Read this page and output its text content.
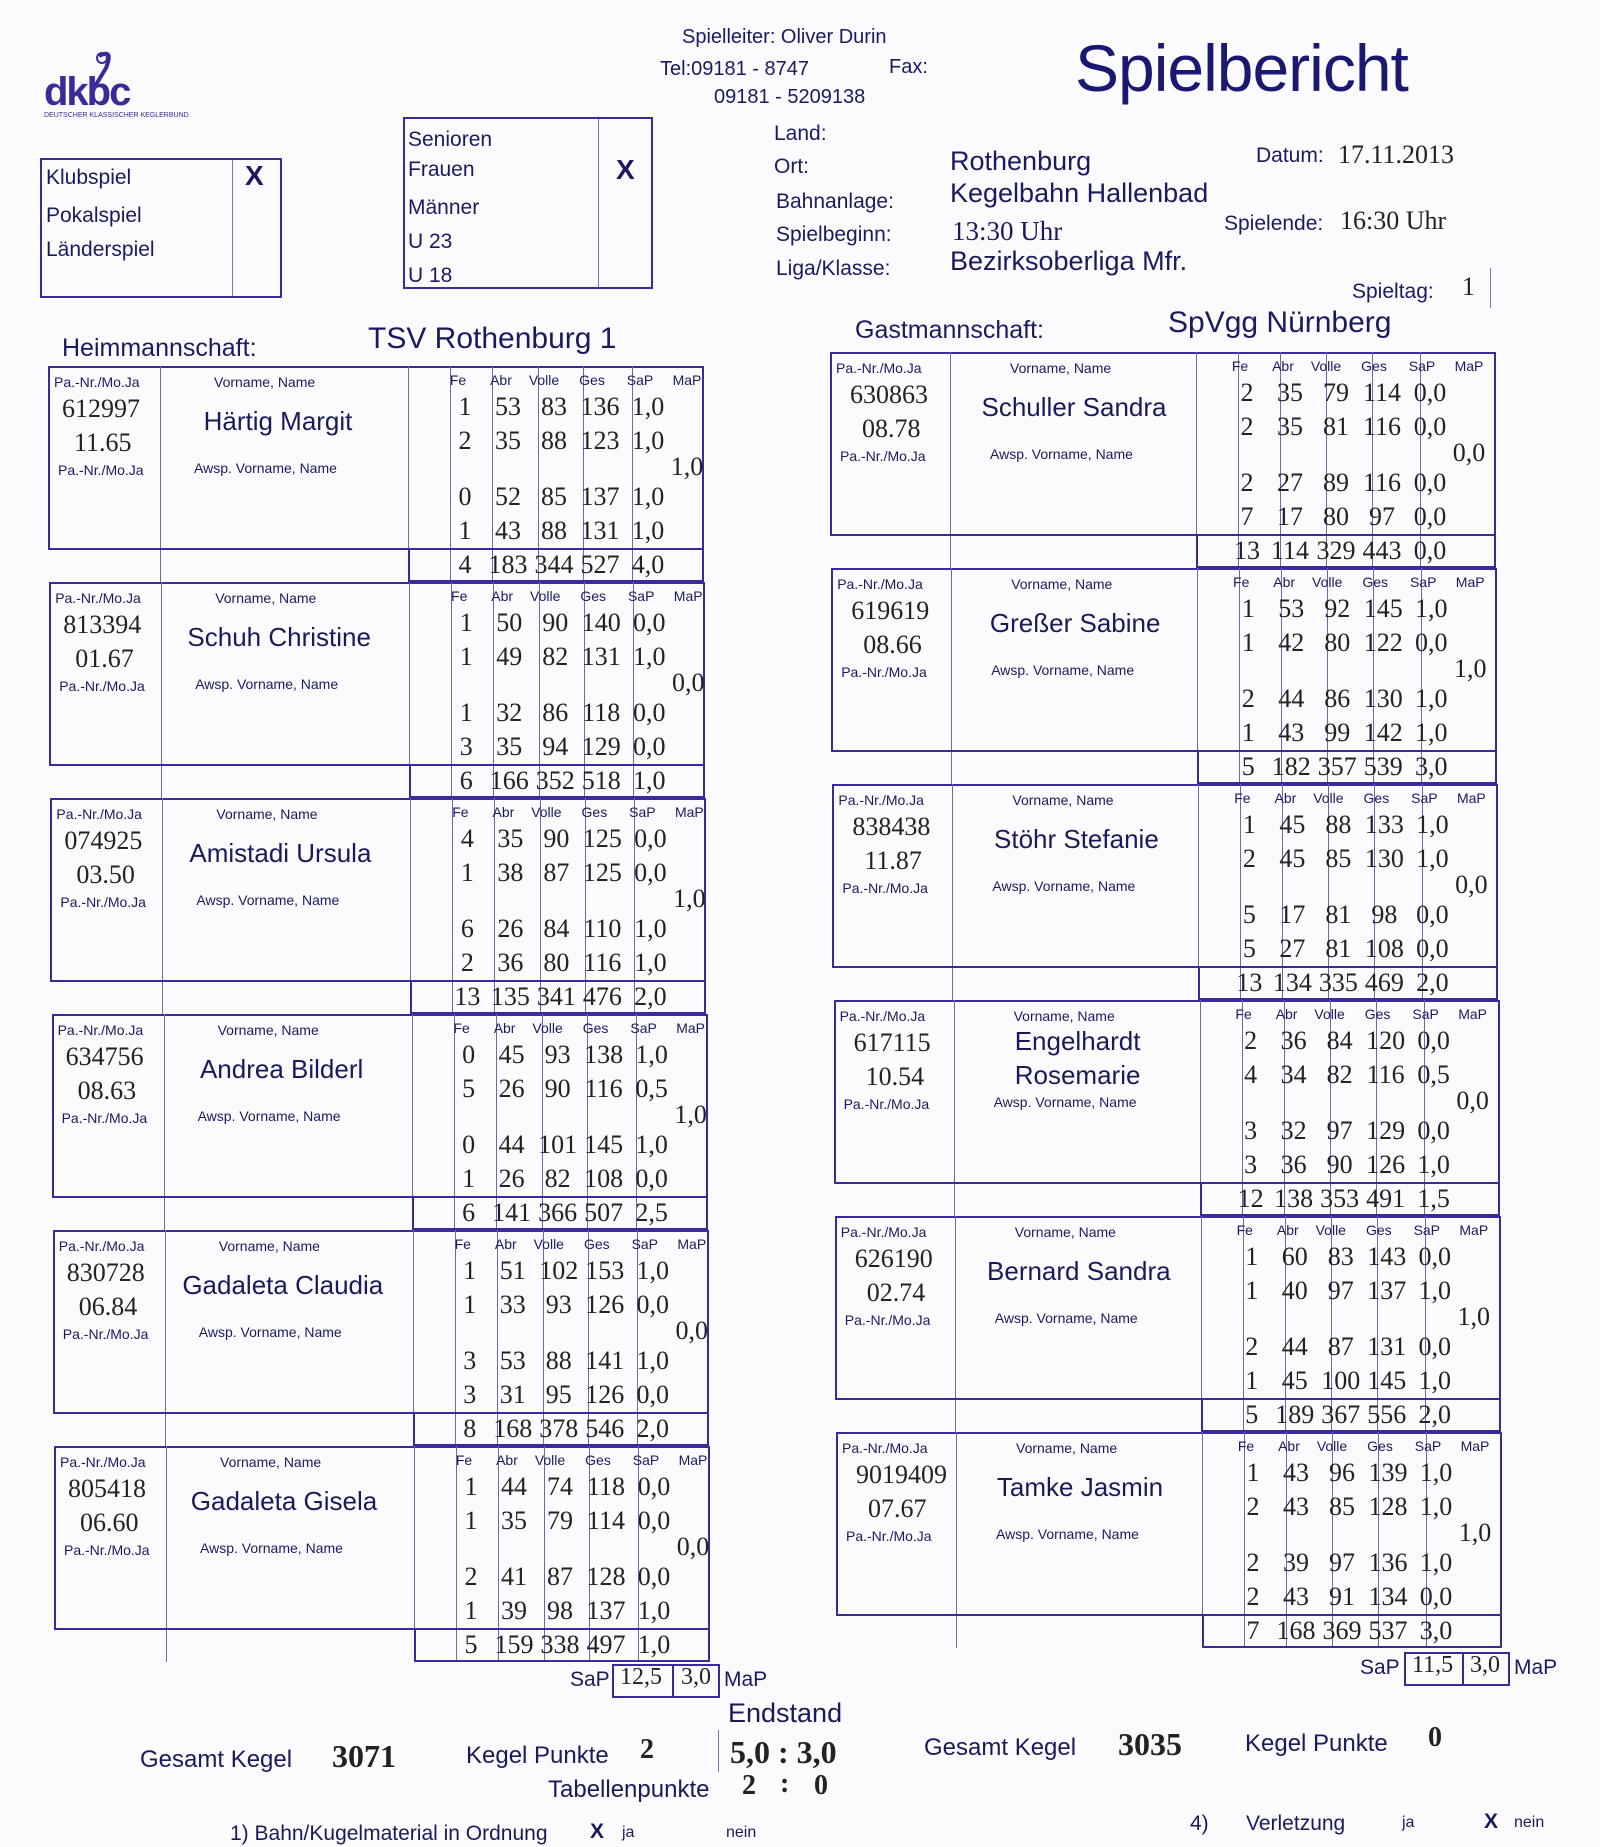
dkbc
DEUTSCHER KLASSISCHER KEGLERBUND
Spielleiter: Oliver Durin
Tel:09181 - 8747	Fax:
09181 - 5209138	Spielbericht
Klubspiel
Pokalspiel
Länderspiel
X
Senioren
Frauen
Männer
U 23
U 18
X
Land:
Ort:	Rothenburg
Bahnanlage: Kegelbahn Hallenbad
Spielbeginn: 13:30 Uhr
Liga/Klasse: Bezirksoberliga Mfr.
Datum: 17.11.2013
Spielende: 16:30 Uhr
Spieltag: 1
Heimmannschaft:	TSV Rothenburg 1	Gastmannschaft:	SpVgg Nürnberg
Pa.-Nr./Mo.Ja
612997
11.65
Pa.-Nr./Mo.Ja
Vorname, Name
Härtig Margit
Awsp. Vorname, Name
Fe	Abr	Volle	Ges	SaP	MaP
1 53 83 136 1,0
2 35 88 123 1,0
0 52 85 137 1,0
1 43 88 131 1,0
1,0
4 183 344 527 4,0
Pa.-Nr./Mo.Ja
813394
01.67
Pa.-Nr./Mo.Ja
Vorname, Name
Schuh Christine
Awsp. Vorname, Name
Fe	Abr	Volle	Ges	SaP	MaP
1 50 90 140 0,0
1 49 82 131 1,0
1 32 86 118 0,0
3 35 94 129 0,0
0,0
6 166 352 518 1,0
Pa.-Nr./Mo.Ja
074925
03.50
Pa.-Nr./Mo.Ja
Vorname, Name
Amistadi Ursula
Awsp. Vorname, Name
Fe	Abr	Volle	Ges	SaP	MaP
4 35 90 125 0,0
1 38 87 125 0,0
6 26 84 110 1,0
2 36 80 116 1,0
1,0
13 135 341 476 2,0
Pa.-Nr./Mo.Ja
634756
08.63
Pa.-Nr./Mo.Ja
Vorname, Name
Andrea Bilderl
Awsp. Vorname, Name
Fe	Abr	Volle	Ges	SaP	MaP
0 45 93 138 1,0
5 26 90 116 0,5
0 44 101 145 1,0
1 26 82 108 0,0
1,0
6 141 366 507 2,5
Pa.-Nr./Mo.Ja
830728
06.84
Pa.-Nr./Mo.Ja
Vorname, Name
Gadaleta Claudia
Awsp. Vorname, Name
Fe	Abr	Volle	Ges	SaP	MaP
1 51 102 153 1,0
1 33 93 126 0,0
3 53 88 141 1,0
3 31 95 126 0,0
0,0
8 168 378 546 2,0
Pa.-Nr./Mo.Ja
805418
06.60
Pa.-Nr./Mo.Ja
Vorname, Name
Gadaleta Gisela
Awsp. Vorname, Name
Fe	Abr	Volle	Ges	SaP	MaP
1 44 74 118 0,0
1 35 79 114 0,0
2 41 87 128 0,0
1 39 98 137 1,0
0,0
5 159 338 497 1,0
Pa.-Nr./Mo.Ja
630863
08.78
Pa.-Nr./Mo.Ja
Vorname, Name
Schuller Sandra
Awsp. Vorname, Name
Fe	Abr	Volle	Ges	SaP	MaP
2 35 79 114 0,0
2 35 81 116 0,0
2 27 89 116 0,0
7 17 80 97 0,0
0,0
13 114 329 443 0,0
Pa.-Nr./Mo.Ja
619619
08.66
Pa.-Nr./Mo.Ja
Vorname, Name
Greßer Sabine
Awsp. Vorname, Name
Fe	Abr	Volle	Ges	SaP	MaP
1 53 92 145 1,0
1 42 80 122 0,0
2 44 86 130 1,0
1 43 99 142 1,0
1,0
5 182 357 539 3,0
Pa.-Nr./Mo.Ja
838438
11.87
Pa.-Nr./Mo.Ja
Vorname, Name
Stöhr Stefanie
Awsp. Vorname, Name
Fe	Abr	Volle	Ges	SaP	MaP
1 45 88 133 1,0
2 45 85 130 1,0
5 17 81 98 0,0
5 27 81 108 0,0
0,0
13 134 335 469 2,0
Pa.-Nr./Mo.Ja
617115
10.54
Pa.-Nr./Mo.Ja
Vorname, Name
Engelhardt
Rosemarie
Awsp. Vorname, Name
Fe	Abr	Volle	Ges	SaP	MaP
2 36 84 120 0,0
4 34 82 116 0,5
3 32 97 129 0,0
3 36 90 126 1,0
0,0
12 138 353 491 1,5
Pa.-Nr./Mo.Ja
626190
02.74
Pa.-Nr./Mo.Ja
Vorname, Name
Bernard Sandra
Awsp. Vorname, Name
Fe	Abr	Volle	Ges	SaP	MaP
1 60 83 143 0,0
1 40 97 137 1,0
2 44 87 131 0,0
1 45 100 145 1,0
1,0
5 189 367 556 2,0
Pa.-Nr./Mo.Ja
9019409
07.67
Pa.-Nr./Mo.Ja
Vorname, Name
Tamke Jasmin
Awsp. Vorname, Name
Fe	Abr	Volle	Ges	SaP	MaP
1 43 96 139 1,0
2 43 85 128 1,0
2 39 97 136 1,0
2 43 91 134 0,0
1,0
7 168 369 537 3,0
SaP 12,5 3,0 MaP
SaP 11,5 3,0 MaP
Endstand
5,0 : 3,0
Gesamt Kegel 3071	Kegel Punkte 2	Gesamt Kegel 3035	Kegel Punkte 0
Tabellenpunkte 2 : 0
1) Bahn/Kugelmaterial in Ordnung X ja	nein	4) Verletzung	ja	X nein
